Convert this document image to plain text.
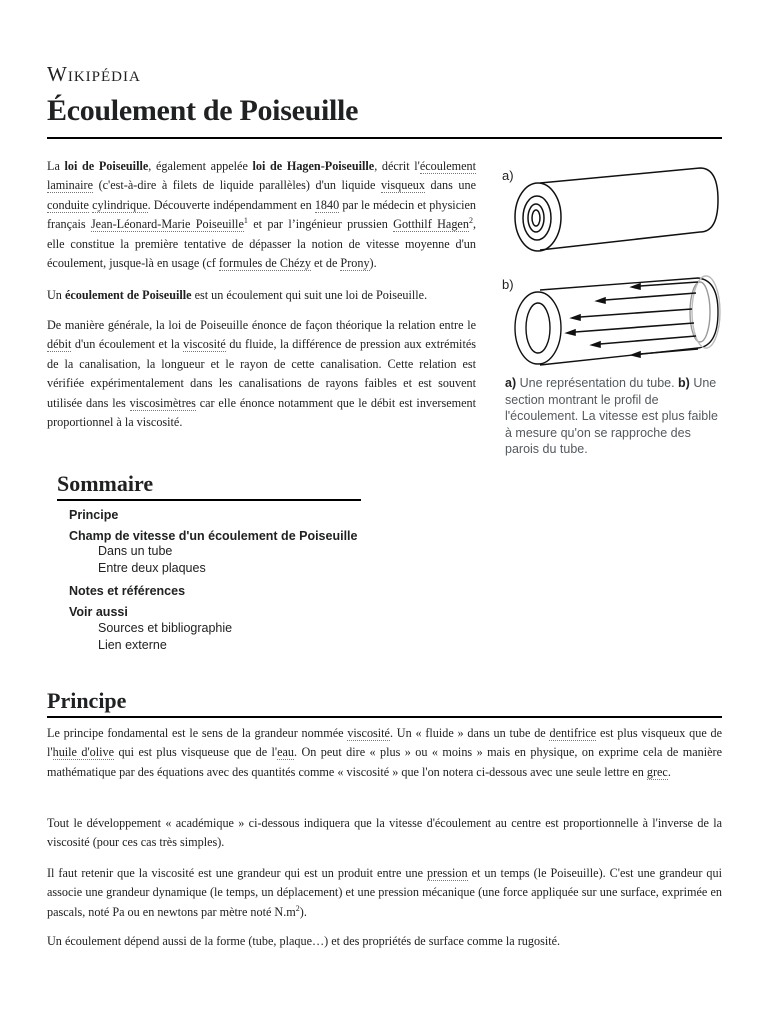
Wikipédia
Écoulement de Poiseuille

La loi de Poiseuille, également appelée loi de Hagen-Poiseuille, décrit l'écoulement laminaire (c'est-à-dire à filets de liquide parallèles) d'un liquide visqueux dans une conduite cylindrique. Découverte indépendamment en 1840 par le médecin et physicien français Jean-Léonard-Marie Poiseuille$^1$ et par l’ingénieur prussien Gotthilf Hagen$^2$, elle constitue la première tentative de dépasser la notion de vitesse moyenne d'un écoulement, jusque-là en usage (cf formules de Chézy et de Prony).

Un écoulement de Poiseuille est un écoulement qui suit une loi de Poiseuille.

De manière générale, la loi de Poiseuille énonce de façon théorique la relation entre le débit d'un écoulement et la viscosité du fluide, la différence de pression aux extrémités de la canalisation, la longueur et le rayon de cette canalisation. Cette relation est vérifiée expérimentalement dans les canalisations de rayons faibles et est souvent utilisée dans les viscosimètres car elle énonce notamment que le débit est inversement proportionnel à la viscosité.

a)
b)
a) Une représentation du tube. b) Une section montrant le profil de l'écoulement. La vitesse est plus faible à mesure qu'on se rapproche des parois du tube.
Sommaire
Principe
Champ de vitesse d'un écoulement de Poiseuille
Dans un tube
Entre deux plaques
Notes et références
Voir aussi
Sources et bibliographie
Lien externe
Principe

Le principe fondamental est le sens de la grandeur nommée viscosité. Un « fluide » dans un tube de dentifrice est plus visqueux que de l'huile d'olive qui est plus visqueuse que de l'eau. On peut dire « plus » ou « moins » mais en physique, on exprime cela de manière mathématique par des équations avec des quantités comme « viscosité » que l'on notera ci-dessous avec une seule lettre en grec.

Tout le développement « académique » ci-dessous indiquera que la vitesse d'écoulement au centre est proportionnelle à l'inverse de la viscosité (pour ces cas très simples).

Il faut retenir que la viscosité est une grandeur qui est un produit entre une pression et un temps (le Poiseuille). C'est une grandeur qui associe une grandeur dynamique (le temps, un déplacement) et une pression mécanique (une force appliquée sur une surface, exprimée en pascals, noté Pa ou en newtons par mètre noté $N.m^2$).

Un écoulement dépend aussi de la forme (tube, plaque…) et des propriétés de surface comme la rugosité.
